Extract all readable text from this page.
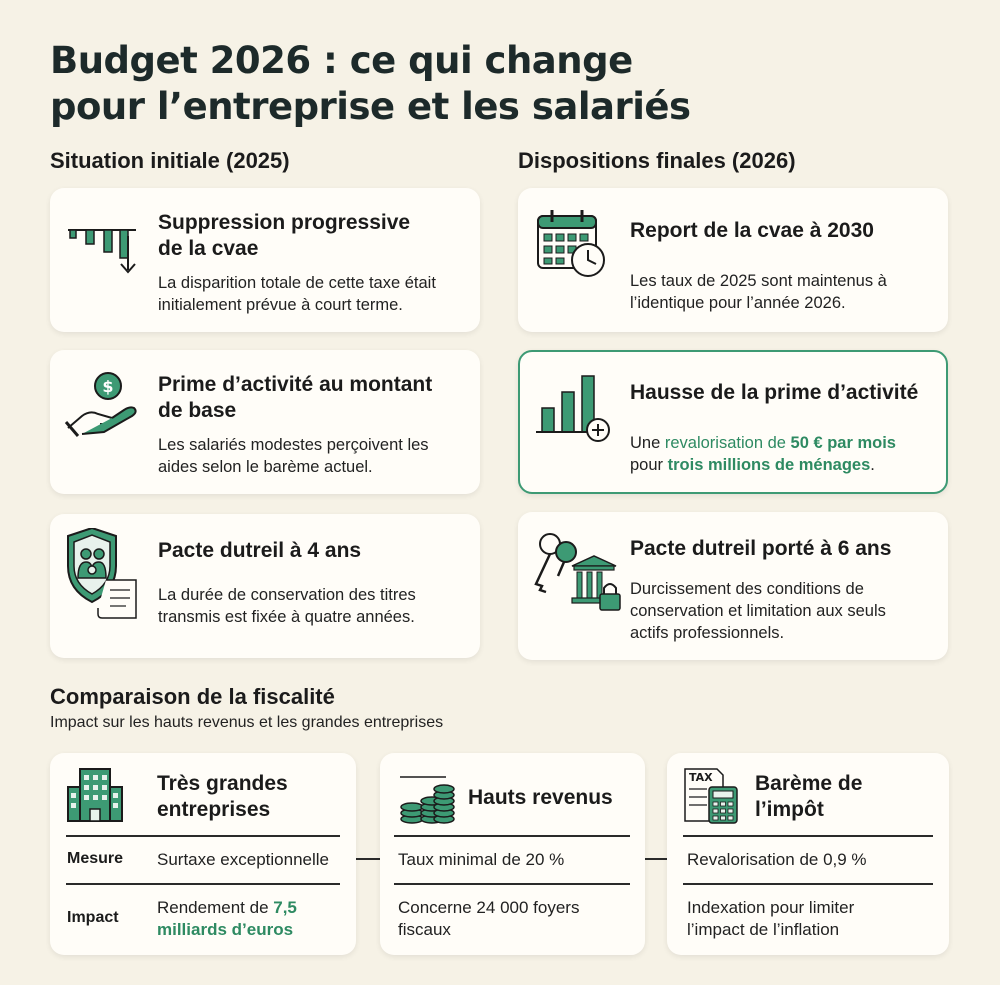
Budget 2026 : ce qui change
pour l’entreprise et les salariés
Situation initiale (2025)	Dispositions finales (2026)
Suppression progressive
de la cvae
La disparition totale de cette taxe était
initialement prévue à court terme.
$ Prime d’activité au montant
de base
Les salariés modestes perçoivent les
aides selon le barème actuel.
Pacte dutreil à 4 ans
La durée de conservation des titres
transmis est fixée à quatre années.
Report de la cvae à 2030
Les taux de 2025 sont maintenus à
l’identique pour l’année 2026.
Hausse de la prime d’activité
Une revalorisation de 50 € par mois
pour trois millions de ménages.
Pacte dutreil porté à 6 ans
Durcissement des conditions de
conservation et limitation aux seuls
actifs professionnels.
Comparaison de la fiscalité
Impact sur les hauts revenus et les grandes entreprises
Très grandes
entreprises
Mesure Surtaxe exceptionnelle
Impact
Rendement de 7,5
milliards d’euros
Hauts revenus
Taux minimal de 20 %
Concerne 24 000 foyers
fiscaux
TAX Barème de
l’impôt
Revalorisation de 0,9 %
Indexation pour limiter
l’impact de l’inflation
